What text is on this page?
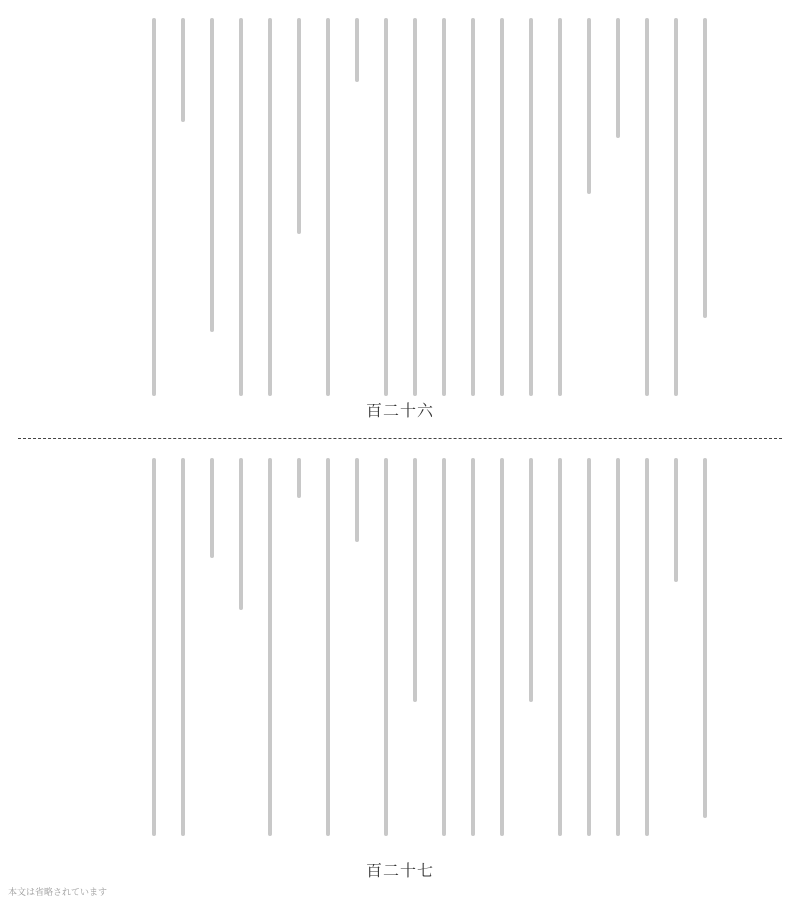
百二十六
百二十七
本文は省略されています
